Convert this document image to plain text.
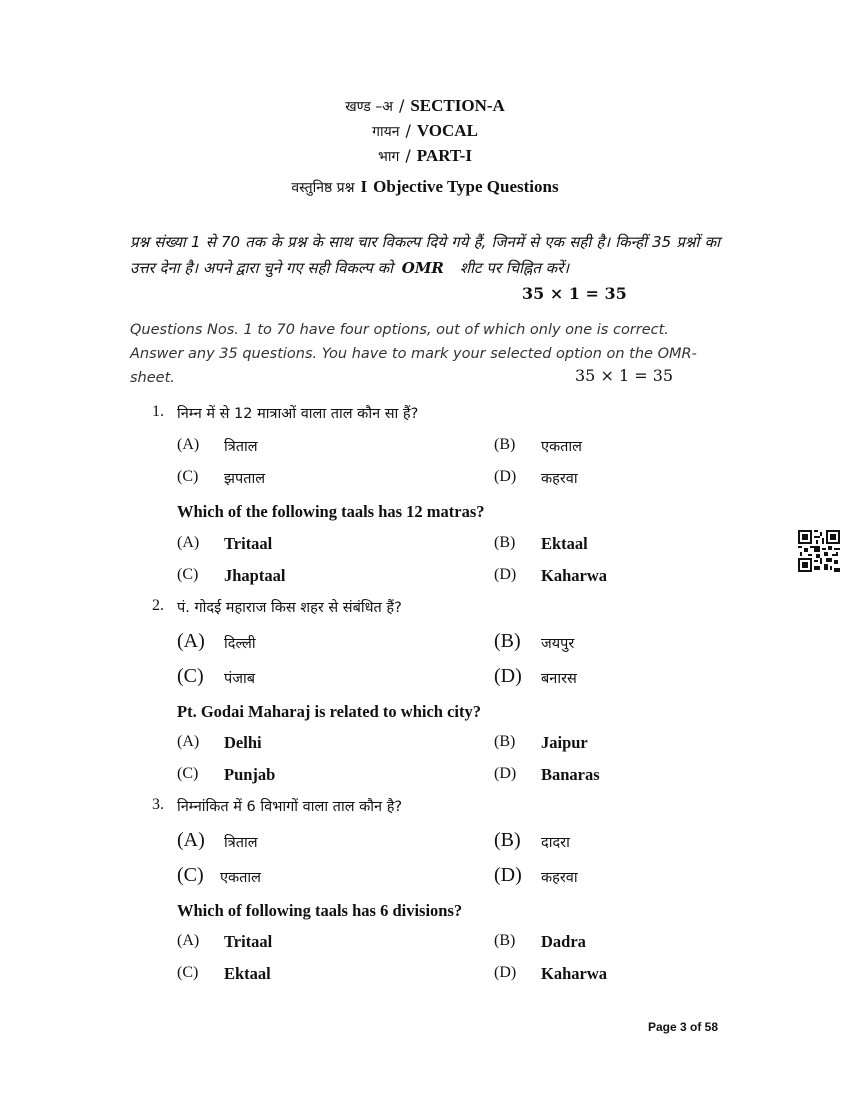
खण्ड –अ / SECTION-A
गायन / VOCAL
भाग / PART-I
वस्तुनिष्ठ प्रश्न I Objective Type Questions
प्रश्न संख्या 1 से 70 तक के प्रश्न के साथ चार विकल्प दिये गये हैं, जिनमें से एक सही है। किन्हीं 35 प्रश्नों का उत्तर देना है। अपने द्वारा चुने गए सही विकल्प को OMR शीट पर चिह्नित करें।
35 × 1 = 35
Questions Nos. 1 to 70 have four options, out of which only one is correct. Answer any 35 questions. You have to mark your selected option on the OMR-sheet.	35 × 1 = 35
1. निम्न में से 12 मात्राओं वाला ताल कौन सा हैं?
(A) त्रिताल	(B) एकताल
(C) झपताल	(D) कहरवा
Which of the following taals has 12 matras?
(A) Tritaal	(B) Ektaal
(C) Jhaptaal	(D) Kaharwa
2. पं. गोदई महाराज किस शहर से संबंधित हैं?
(A) दिल्ली	(B) जयपुर
(C) पंजाब	(D) बनारस
Pt. Godai Maharaj is related to which city?
(A) Delhi	(B) Jaipur
(C) Punjab	(D) Banaras
3. निम्नांकित में 6 विभागों वाला ताल कौन है?
(A) त्रिताल	(B) दादरा
(C) एकताल	(D) कहरवा
Which of following taals has 6 divisions?
(A) Tritaal	(B) Dadra
(C) Ektaal	(D) Kaharwa
Page 3 of 58
